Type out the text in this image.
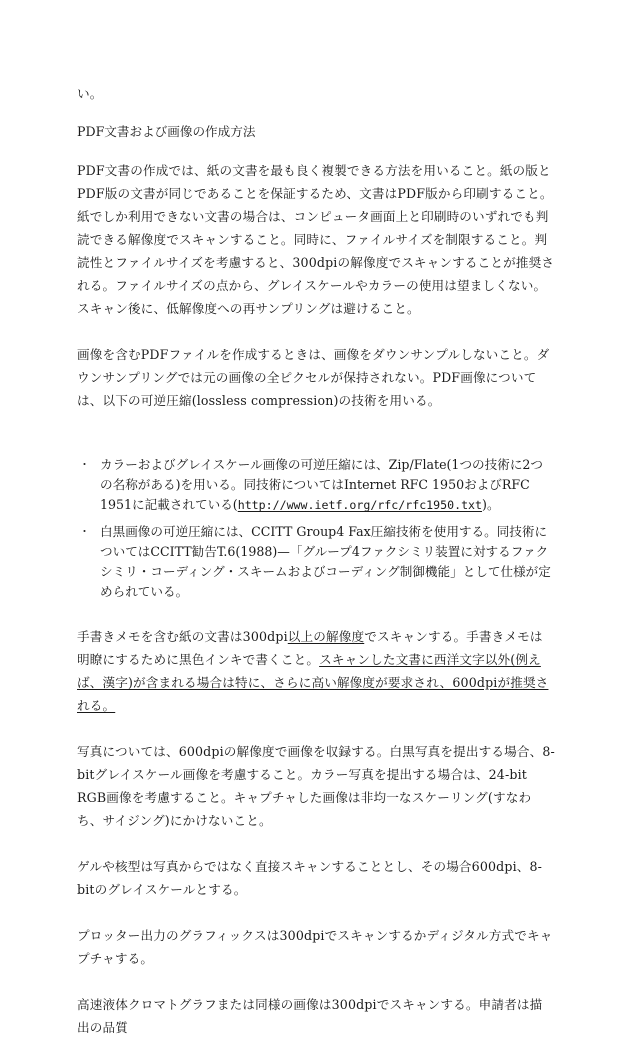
い。

PDF文書および画像の作成方法

PDF文書の作成では、紙の文書を最も良く複製できる方法を用いること。紙の版とPDF版の文書が同じであることを保証するため、文書はPDF版から印刷すること。紙でしか利用できない文書の場合は、コンピュータ画面上と印刷時のいずれでも判読できる解像度でスキャンすること。同時に、ファイルサイズを制限すること。判読性とファイルサイズを考慮すると、300dpiの解像度でスキャンすることが推奨される。ファイルサイズの点から、グレイスケールやカラーの使用は望ましくない。スキャン後に、低解像度への再サンプリングは避けること。

画像を含むPDFファイルを作成するときは、画像をダウンサンプルしないこと。ダウンサンプリングでは元の画像の全ピクセルが保持されない。PDF画像については、以下の可逆圧縮(lossless compression)の技術を用いる。

・ カラーおよびグレイスケール画像の可逆圧縮には、Zip/Flate(1つの技術に2つの名称がある)を用いる。同技術についてはInternet RFC 1950およびRFC 1951に記載されている(http://www.ietf.org/rfc/rfc1950.txt)。
・ 白黒画像の可逆圧縮には、CCITT Group4 Fax圧縮技術を使用する。同技術についてはCCITT勧告T.6(1988)—「グループ4ファクシミリ装置に対するファクシミリ・コーディング・スキームおよびコーディング制御機能」として仕様が定められている。

手書きメモを含む紙の文書は300dpi以上の解像度でスキャンする。手書きメモは明瞭にするために黒色インキで書くこと。スキャンした文書に西洋文字以外(例えば、漢字)が含まれる場合は特に、さらに高い解像度が要求され、600dpiが推奨される。

写真については、600dpiの解像度で画像を収録する。白黒写真を提出する場合、8-bitグレイスケール画像を考慮すること。カラー写真を提出する場合は、24-bit RGB画像を考慮すること。キャプチャした画像は非均一なスケーリング(すなわち、サイジング)にかけないこと。

ゲルや核型は写真からではなく直接スキャンすることとし、その場合600dpi、8-bitのグレイスケールとする。

プロッター出力のグラフィックスは300dpiでスキャンするかディジタル方式でキャプチャする。

高速液体クロマトグラフまたは同様の画像は300dpiでスキャンする。申請者は描出の品質
